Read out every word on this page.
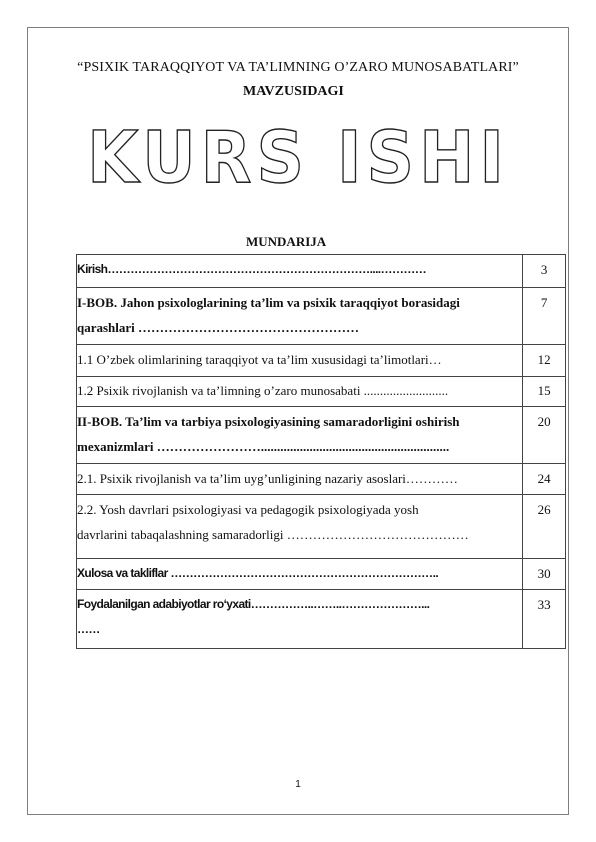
“PSIXIK TARAQQIYOT VA TA’LIMNING O’ZARO MUNOSABATLARI”
MAVZUSIDAGI
KURS ISHI
MUNDARIJA
Kirish……………………………………………………………....…………	3

I-BOB. Jahon psixologlarining ta’lim va psixik taraqqiyot borasidagi
qarashlari ……………………………………………	7
1.1 O’zbek olimlarining taraqqiyot va ta’lim xususidagi ta’limotlari…	12
1.2 Psixik rivojlanish va ta’limning o’zaro munosabati ..........................	15

II-BOB. Ta’lim va tarbiya psixologiyasining samaradorligini oshirish
mexanizmlari ……………………..........................................................	20
2.1. Psixik rivojlanish va ta’lim uyg’unligining nazariy asoslari…………	24

2.2. Yosh davrlari psixologiyasi va pedagogik psixologiyada yosh
davrlarini tabaqalashning samaradorligi ……………………………………	26
Xulosa va takliflar ……………………………………………………………..	30

Foydalanilgan adabiyotlar ro‘yxati……………..……..…………………...
……	33
1
